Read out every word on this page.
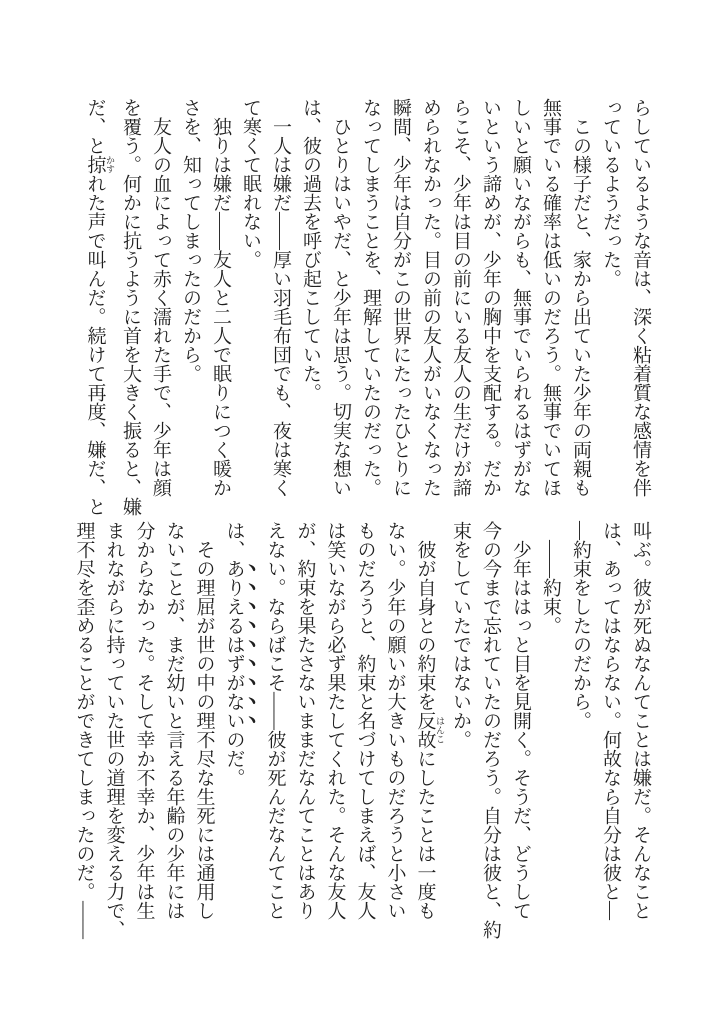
らしているような音は、深く粘着質な感情を伴
っているようだった。
　この様子だと、家から出ていた少年の両親も
無事でいる確率は低いのだろう。無事でいてほ
しいと願いながらも、無事でいられるはずがな
いという諦めが、少年の胸中を支配する。だか
らこそ、少年は目の前にいる友人の生だけが諦
められなかった。目の前の友人がいなくなった
瞬間、少年は自分がこの世界にたったひとりに
なってしまうことを、理解していたのだった。
　ひとりはいやだ、と少年は思う。切実な想い
は、彼の過去を呼び起こしていた。
　一人は嫌だ――厚い羽毛布団でも、夜は寒く
て寒くて眠れない。
　独りは嫌だ――友人と二人で眠りにつく暖か
さを、知ってしまったのだから。
　友人の血によって赤く濡れた手で、少年は顔
を覆う。何かに抗うように首を大きく振ると、嫌
だ、と掠 かすれた声で叫んだ。続けて再度、嫌だ、と
叫ぶ。彼が死ぬなんてことは嫌だ。そんなこと
は、あってはならない。何故なら自分は彼と―
―約束をしたのだから。
　――約束。
　少年ははっと目を見開く。そうだ、どうして
今の今まで忘れていたのだろう。自分は彼と、約
束をしていたではないか。
　彼が自身との約束を反故 はんこにしたことは一度も
ない。少年の願いが大きいものだろうと小さい
ものだろうと、約束と名づけてしまえば、友人
は笑いながら必ず果たしてくれた。そんな友人
が、約束を果たさないままだなんてことはあり
えない。ならばこそ――彼が死んだなんてこと
は、ありえるはずがないのだ。
　その理屈が世の中の理不尽な生死には通用し
ないことが、まだ幼いと言える年齢の少年には
分からなかった。そして幸か不幸か、少年は生
まれながらに持っていた世の道理を変える力で、
理不尽を歪めることができてしまったのだ。――
